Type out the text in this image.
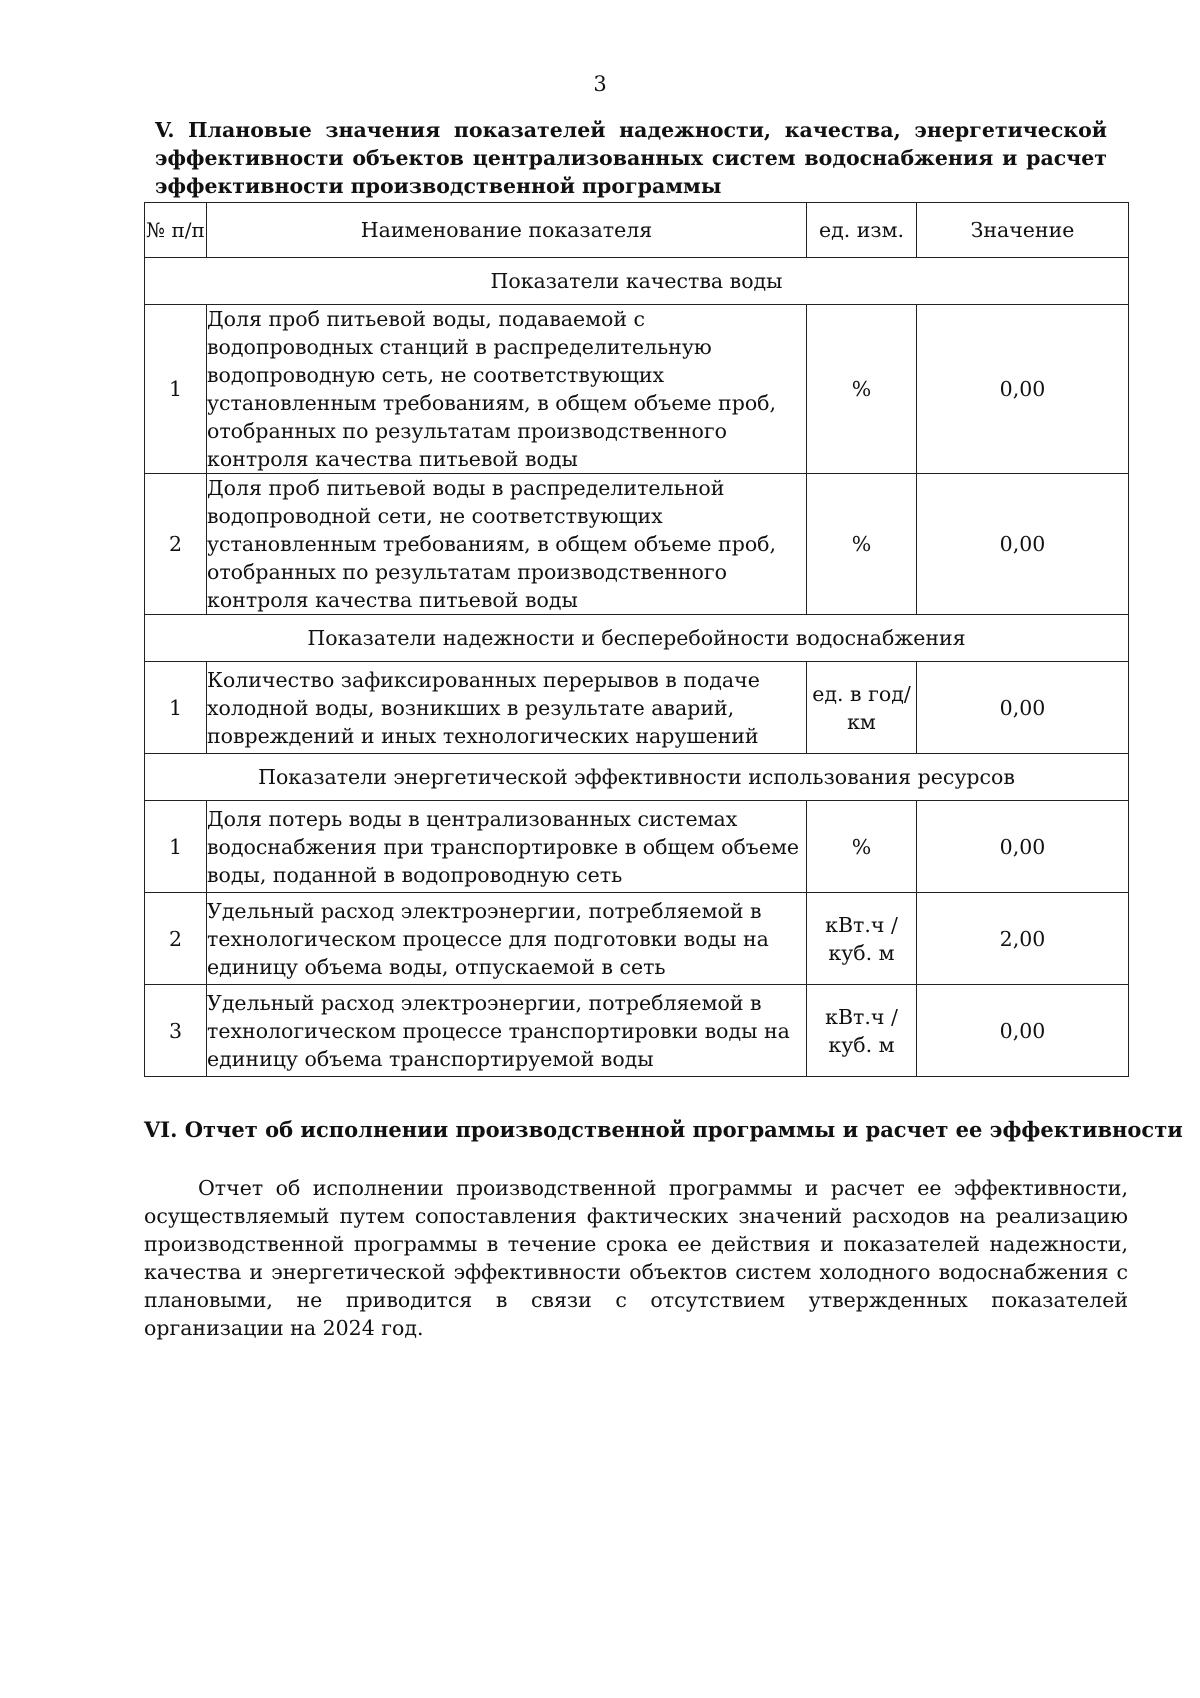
3
V. Плановые значения показателей надежности, качества, энергетической эффективности объектов централизованных систем водоснабжения и расчет эффективности производственной программы
№ п/п	Наименование показателя	ед. изм.	Значение
Показатели качества воды			
1	Доля проб питьевой воды, подаваемой с водопроводных станций в распределительную водопроводную сеть, не соответствующих установленным требованиям, в общем объеме проб, отобранных по результатам производственного контроля качества питьевой воды	%	0,00
2	Доля проб питьевой воды в распределительной водопроводной сети, не соответствующих установленным требованиям, в общем объеме проб, отобранных по результатам производственного контроля качества питьевой воды	%	0,00
Показатели надежности и бесперебойности водоснабжения			
1	Количество зафиксированных перерывов в подаче холодной воды, возникших в результате аварий, повреждений и иных технологических нарушений	ед. в год/ км	0,00
Показатели энергетической эффективности использования ресурсов			
1	Доля потерь воды в централизованных системах водоснабжения при транспортировке в общем объеме воды, поданной в водопроводную сеть	%	0,00
2	Удельный расход электроэнергии, потребляемой в технологическом процессе для подготовки воды на единицу объема воды, отпускаемой в сеть	кВт.ч / куб. м	2,00
3	Удельный расход электроэнергии, потребляемой в технологическом процессе транспортировки воды на единицу объема транспортируемой воды	кВт.ч / куб. м	0,00
VI. Отчет об исполнении производственной программы и расчет ее эффективности
Отчет об исполнении производственной программы и расчет ее эффективности, осуществляемый путем сопоставления фактических значений расходов на реализацию производственной программы в течение срока ее действия и показателей надежности, качества и энергетической эффективности объектов систем холодного водоснабжения с плановыми, не приводится в связи с отсутствием утвержденных показателей организации на 2024 год.
